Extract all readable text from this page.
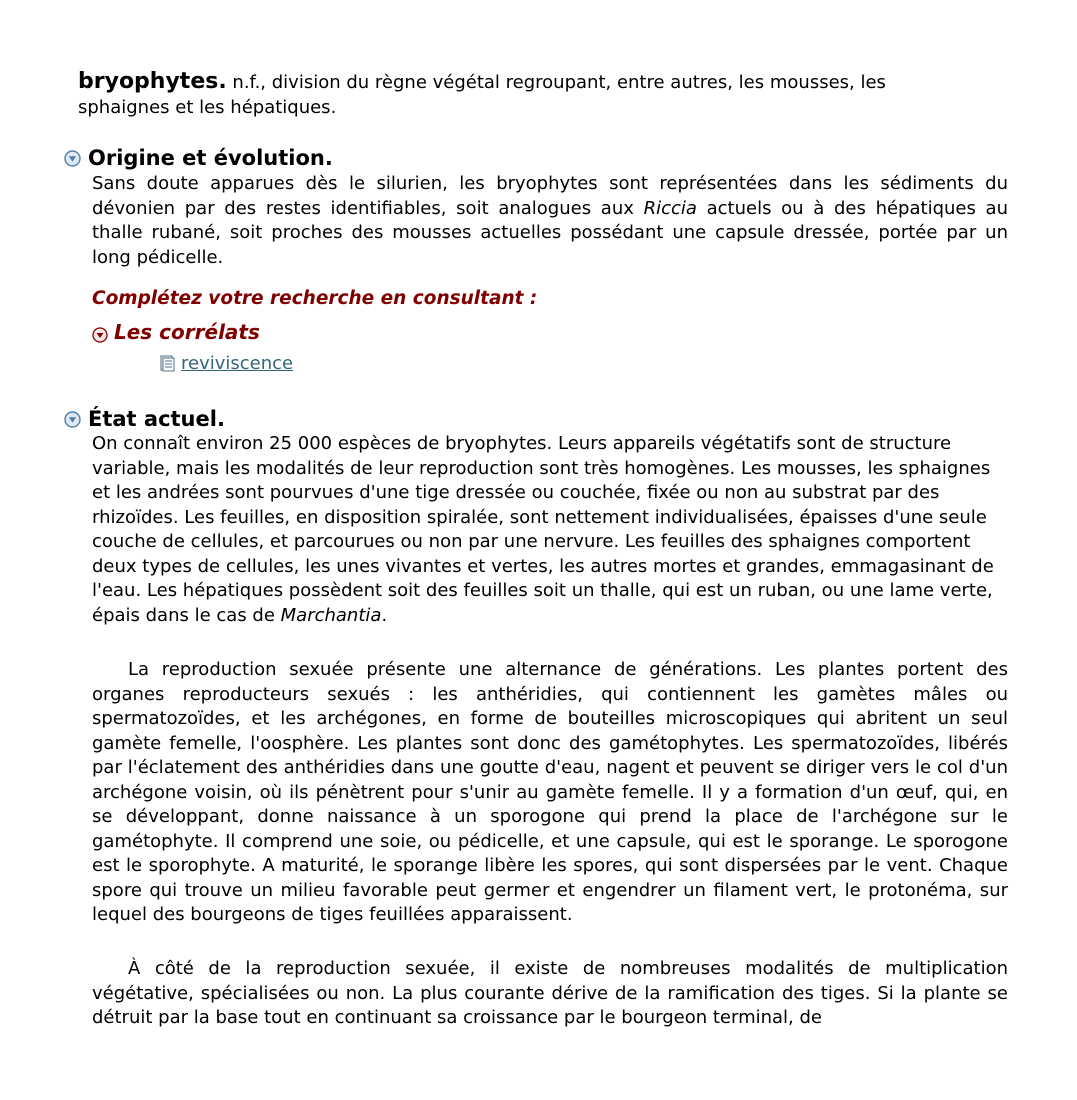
bryophytes. n.f., division du règne végétal regroupant, entre autres, les mousses, les sphaignes et les hépatiques.
Origine et évolution.

Sans doute apparues dès le silurien, les bryophytes sont représentées dans les sédiments du dévonien par des restes identifiables, soit analogues aux Riccia actuels ou à des hépatiques au thalle rubané, soit proches des mousses actuelles possédant une capsule dressée, portée par un long pédicelle.

Complétez votre recherche en consultant :
Les corrélats
reviviscence
État actuel.

On connaît environ 25 000 espèces de bryophytes. Leurs appareils végétatifs sont de structure variable, mais les modalités de leur reproduction sont très homogènes. Les mousses, les sphaignes et les andrées sont pourvues d'une tige dressée ou couchée, fixée ou non au substrat par des rhizoïdes. Les feuilles, en disposition spiralée, sont nettement individualisées, épaisses d'une seule couche de cellules, et parcourues ou non par une nervure. Les feuilles des sphaignes comportent deux types de cellules, les unes vivantes et vertes, les autres mortes et grandes, emmagasinant de l'eau. Les hépatiques possèdent soit des feuilles soit un thalle, qui est un ruban, ou une lame verte, épais dans le cas de Marchantia.

La reproduction sexuée présente une alternance de générations. Les plantes portent des organes reproducteurs sexués : les anthéridies, qui contiennent les gamètes mâles ou spermatozoïdes, et les archégones, en forme de bouteilles microscopiques qui abritent un seul gamète femelle, l'oosphère. Les plantes sont donc des gamétophytes. Les spermatozoïdes, libérés par l'éclatement des anthéridies dans une goutte d'eau, nagent et peuvent se diriger vers le col d'un archégone voisin, où ils pénètrent pour s'unir au gamète femelle. Il y a formation d'un œuf, qui, en se développant, donne naissance à un sporogone qui prend la place de l'archégone sur le gamétophyte. Il comprend une soie, ou pédicelle, et une capsule, qui est le sporange. Le sporogone est le sporophyte. A maturité, le sporange libère les spores, qui sont dispersées par le vent. Chaque spore qui trouve un milieu favorable peut germer et engendrer un filament vert, le protonéma, sur lequel des bourgeons de tiges feuillées apparaissent.

À côté de la reproduction sexuée, il existe de nombreuses modalités de multiplication végétative, spécialisées ou non. La plus courante dérive de la ramification des tiges. Si la plante se détruit par la base tout en continuant sa croissance par le bourgeon terminal, de
